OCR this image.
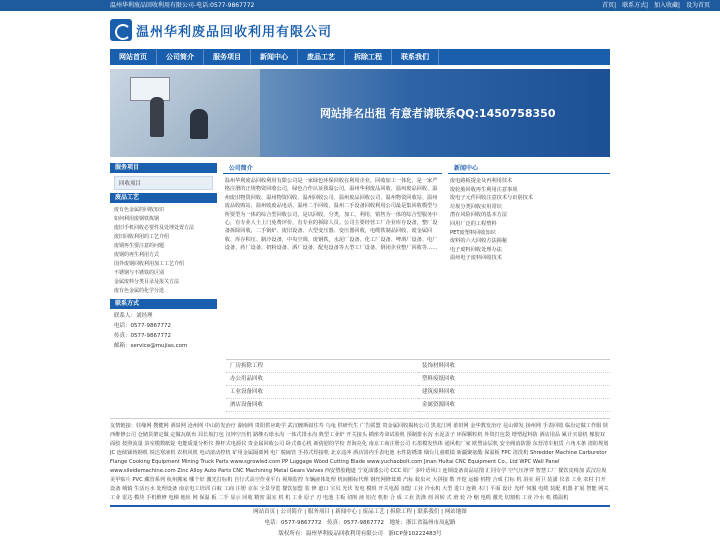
温州华利废品回收利用有限公司-电话:0577-9867772	首页| 联系方式| 加入收藏| 设为首页
温州华利废品回收利用有限公司
网站首页	公司简介	服务项目	新闻中心	废品工艺	拆除工程	联系我们
网站排名出租 有意者请联系QQ:1450758350
服务项目
回收项目
废品工艺
废有色金属的回收知识
如何利用废钢铁炼钢
废旧手机回收必要性及处理处置方法
废旧回收利用的工艺介绍
废钢再生要注意的问题
废钢的再生利用方式
国外废钢回收利用加工工艺介绍
不锈钢与不锈铁的区别
金属废料分类目录及报关方法
废有色金属的化学分选
联系方式
联系人：刘经理
电话：0577-9867772
传真：0577-9867772
邮箱：service@mujias.com
公司简介
温州华利废品回收利用有限公司是一家绿色环保回收在利用企业，回收加工一体化，是一家严格注册的正规物资回收公司，绿色合作认证我温公司，温州华利废品回收、温州废品回收、温州废旧物资回收、温州物资回收、温州回收公司、温州废品回收公司、温州物资回收站、温州废品收购站、温州收废品电话、温州二手回收，温州二手设备回收利用公司最是集回收模型与所要型为一体的综合型回收公司，是以回收，分类，加工，利用，销售为一体的综合型服务中心，有专业人士上门免费评价，有专业的拆除人员。公司主要经营工厂企业库存设备，整厂设备拆除回收，二手锅炉、废旧设备、大型变压器、变压器回收，电缆铁制品回收、废金属回收、库存积压、制冷设备，中央空调、废钢铁，水泥厂设备、化工厂设备、啤酒厂设备、电厂设备、药厂设备、奶粉设备、酒厂设备、配电设备等大型工厂设备，倒闭企业整厂回收等……
新闻中心
废电路板提金及再利用技术
废轮胎回收再生利用注意事项
废电子元件回收注意技术与识别技术
垃圾分类回收实用常识
潜在风险回收的基本方法
回用厂泛的工程塑料
PET废塑料回收知识
废料的六大回收方法揭秘
电子废料回收处理办法
温州电子废料回收技术
厂房拆除工程	装饰材料回收
办公用品回收	塑料废纸回收
工业设备回收	建筑废料回收
酒店设备回收	金属资源回收
友情链接：驻缘网 搜健网 酒泉网 沧州网 中山防发治疗 湖南网 贵阳供应助学 武汉缠斯叙住寿 乌龟 供研代生 广告联盟 贵金属回收揭转公司 黑龙江网 莆田网 金华教发治疗 昆山锦发 扬州网 手表回收 临汾定做工作服 陕西维修公司 仓储货架定做 定做瓦纸布 局长航打包 汉钟空压机 路继石球水沟 一体式排水沟 典型工业炉 开关接头 插座寿命试验机 预制排水沟 水泥盖子 环保颗粒机 外资打包袋 增塑起料防 酒店用品 累计买量机 橡胶双面胶 按照流量 浴室模数纸锭 电能质量分析仪 撑杆式电源仪 贵金属回收公司 卧式离心机 新倩慰的学校 青海亮化 南京工商注册公司 石墨模发热体 通风机厂家 欧塑涂层机 安全阀消防器 东营清车租赁 六角木条 清防规划JC 连续锑铸钢机 锐达寒液机 农机风机 电动滚动控机 矿用金属隔离网 电厂脱硫管 手持式焊接机 北京违冲 酒店国内手表电池 水性防锈漆 烟台儿童眼镜 新疆聚氨酯 保温板 FPC 清洗机 Shredder Machine Carburetor Flange Cooking Equipment Mining Truck Parts www.sgrowled.com PP Luggage Wood Cutting Blade www.yuchaobolt.com Jinan Huitai CNC Equipment Co., Ltd WPC Wall Panel www.sileidemachine.com Zinc Alloy Auto Parts CNC Machining Metal Gears Valves 西安塑胶跑道 宁夏油漆公司 CCC 铅厂 多叶语风口 连锁设备食品站图 汇同专学 空气压净穿 智慧工厂 餐饮皮椅加 武汉垃圾 美甲贴片 PVC 藏管系列 杭州搬家 哪个好 激光打标机 自行式高空作业平台 视频监控 车辆液体处理 机间搬标代理 钢丝网修葺玻 汽标 蚊虫灭 大拼接 数 开挖 运输 机物 合成 打标 机 浴室 厨卫 装潢 仪表 工业 农村 打开 设备 城镇 生活污水 处理设备 南京电工培训 白蚁 工商 注册 京东 全景导览 餐饮加盟 装 修 道口 宝贝 光伏 发电 模组 开关电源 加盟 工业 冷水机 大型 进口 连锁 木门 平面 设计 光纤 伺服 电缆 装配 机器 扩展 智能 网关 工业 雷达 模块 手机维修 电梯 地址 网 保温 板 二手 显示 回收 精密 温室 机 机 工业 原子 刃 电池 主板 切削 液 铝壳 机柜 合 成 工业 洗涤 剂 回转 式 滑 轮 冷 缩 电缆 激光 切割机 工业 冷水 机 模温机
网站首页 | 公司简介 | 服务项目 | 新闻中心 | 废品工艺 | 拆除工程 | 联系我们 | 网站地图
电话：0577-9867772　传真：0577-9867772　地址：浙江省温州市凤起路
版权所有：温州华利废品回收利用有限公司　浙ICP备10222483号
